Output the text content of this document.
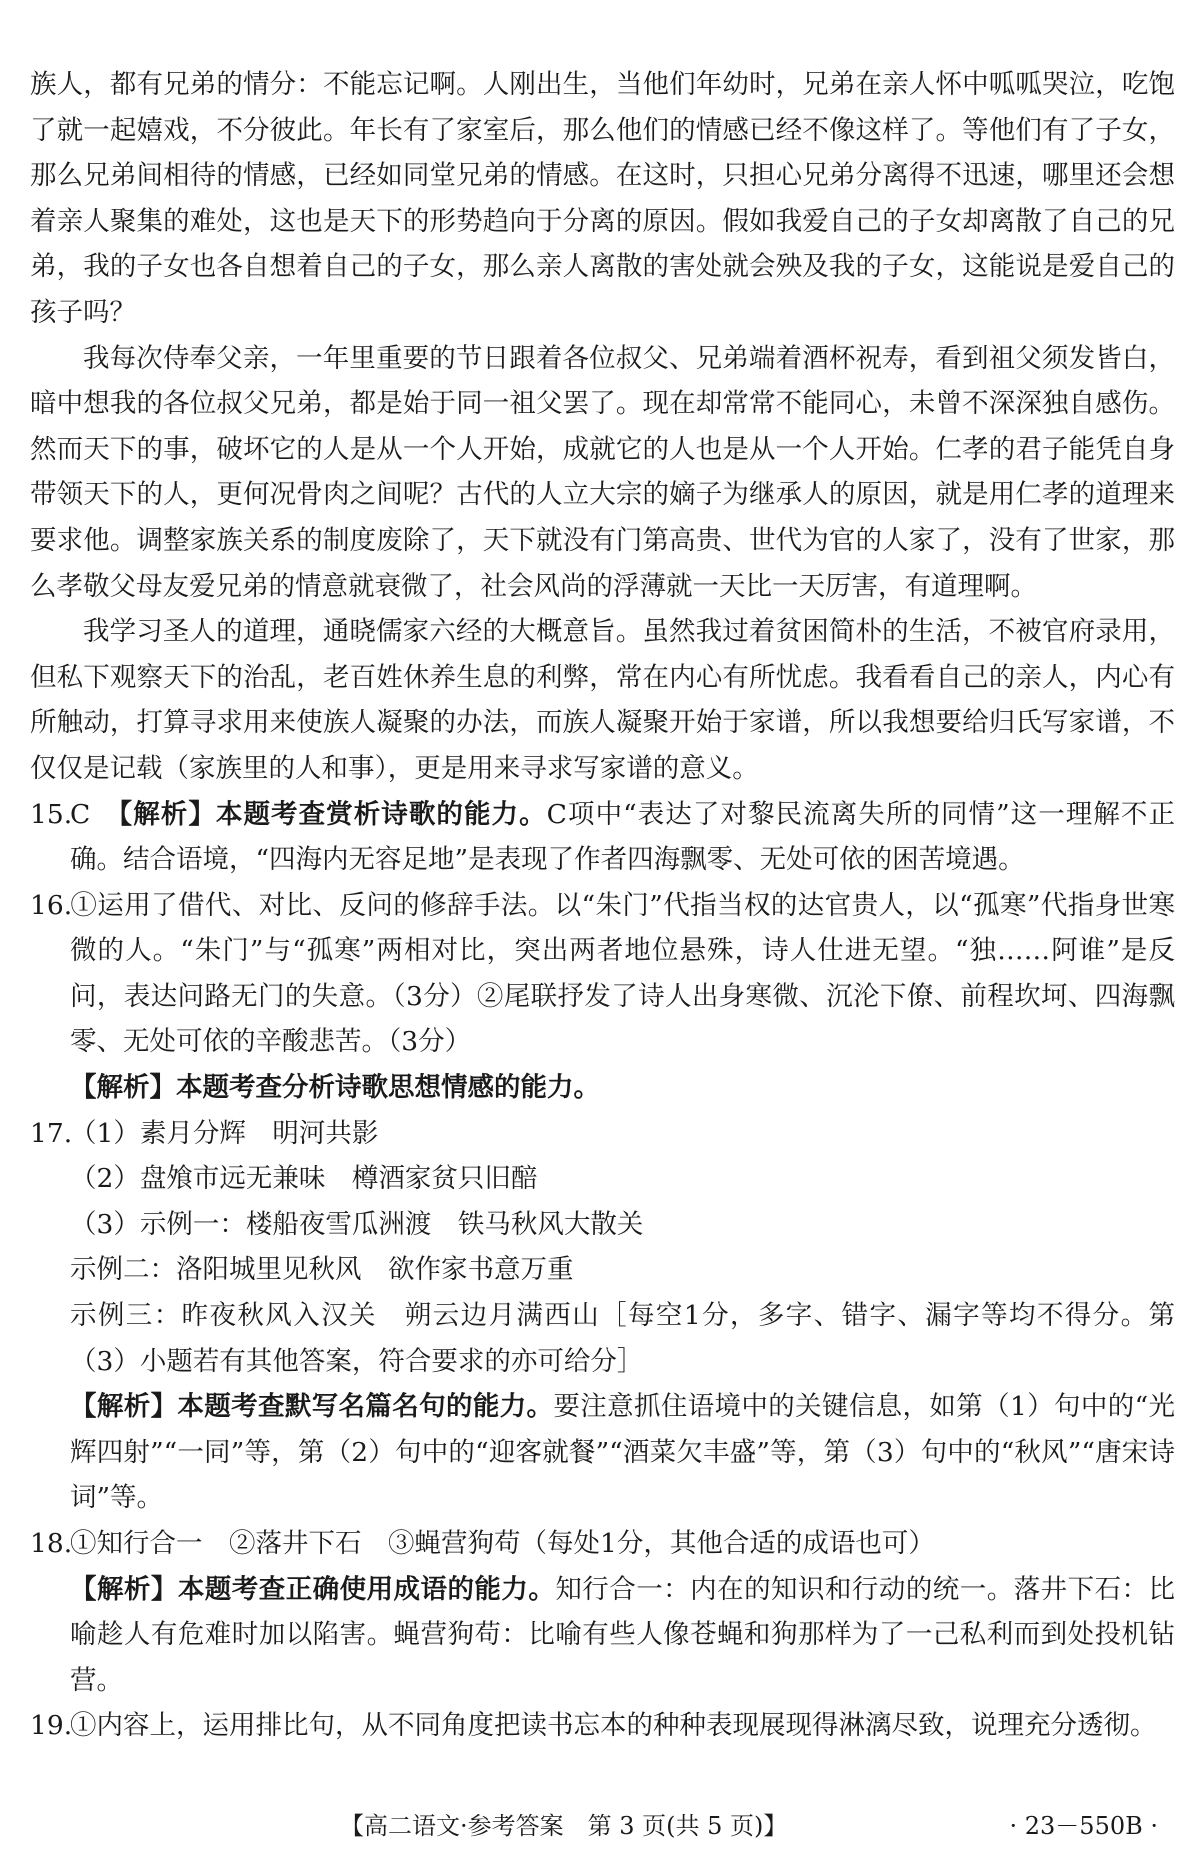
族人，都有兄弟的情分：不能忘记啊。人刚出生，当他们年幼时，兄弟在亲人怀中呱呱哭泣，吃饱了就一起嬉戏，不分彼此。年长有了家室后，那么他们的情感已经不像这样了。等他们有了子女，那么兄弟间相待的情感，已经如同堂兄弟的情感。在这时，只担心兄弟分离得不迅速，哪里还会想着亲人聚集的难处，这也是天下的形势趋向于分离的原因。假如我爱自己的子女却离散了自己的兄弟，我的子女也各自想着自己的子女，那么亲人离散的害处就会殃及我的子女，这能说是爱自己的孩子吗？

我每次侍奉父亲，一年里重要的节日跟着各位叔父、兄弟端着酒杯祝寿，看到祖父须发皆白，暗中想我的各位叔父兄弟，都是始于同一祖父罢了。现在却常常不能同心，未曾不深深独自感伤。然而天下的事，破坏它的人是从一个人开始，成就它的人也是从一个人开始。仁孝的君子能凭自身带领天下的人，更何况骨肉之间呢？古代的人立大宗的嫡子为继承人的原因，就是用仁孝的道理来要求他。调整家族关系的制度废除了，天下就没有门第高贵、世代为官的人家了，没有了世家，那么孝敬父母友爱兄弟的情意就衰微了，社会风尚的浮薄就一天比一天厉害，有道理啊。

我学习圣人的道理，通晓儒家六经的大概意旨。虽然我过着贫困简朴的生活，不被官府录用，但私下观察天下的治乱，老百姓休养生息的利弊，常在内心有所忧虑。我看看自己的亲人，内心有所触动，打算寻求用来使族人凝聚的办法，而族人凝聚开始于家谱，所以我想要给归氏写家谱，不仅仅是记载（家族里的人和事），更是用来寻求写家谱的意义。

15.C　【解析】本题考查赏析诗歌的能力。C项中“表达了对黎民流离失所的同情”这一理解不正确。结合语境，“四海内无容足地”是表现了作者四海飘零、无处可依的困苦境遇。

16.①运用了借代、对比、反问的修辞手法。以“朱门”代指当权的达官贵人，以“孤寒”代指身世寒微的人。“朱门”与“孤寒”两相对比，突出两者地位悬殊，诗人仕进无望。“独……阿谁”是反问，表达问路无门的失意。（3分）②尾联抒发了诗人出身寒微、沉沦下僚、前程坎坷、四海飘零、无处可依的辛酸悲苦。（3分）

【解析】本题考查分析诗歌思想情感的能力。

17.（1）素月分辉　明河共影

（2）盘飧市远无兼味　樽酒家贫只旧醅

（3）示例一：楼船夜雪瓜洲渡　铁马秋风大散关

示例二：洛阳城里见秋风　欲作家书意万重

示例三：昨夜秋风入汉关　朔云边月满西山［每空1分，多字、错字、漏字等均不得分。第（3）小题若有其他答案，符合要求的亦可给分］

【解析】本题考查默写名篇名句的能力。要注意抓住语境中的关键信息，如第（1）句中的“光辉四射”“一同”等，第（2）句中的“迎客就餐”“酒菜欠丰盛”等，第（3）句中的“秋风”“唐宋诗词”等。

18.①知行合一　②落井下石　③蝇营狗苟（每处1分，其他合适的成语也可）

【解析】本题考查正确使用成语的能力。知行合一：内在的知识和行动的统一。落井下石：比喻趁人有危难时加以陷害。蝇营狗苟：比喻有些人像苍蝇和狗那样为了一己私利而到处投机钻营。

19.①内容上，运用排比句，从不同角度把读书忘本的种种表现展现得淋漓尽致，说理充分透彻。

【高二语文·参考答案　第 3 页(共 5 页)】	· 23－550B ·
